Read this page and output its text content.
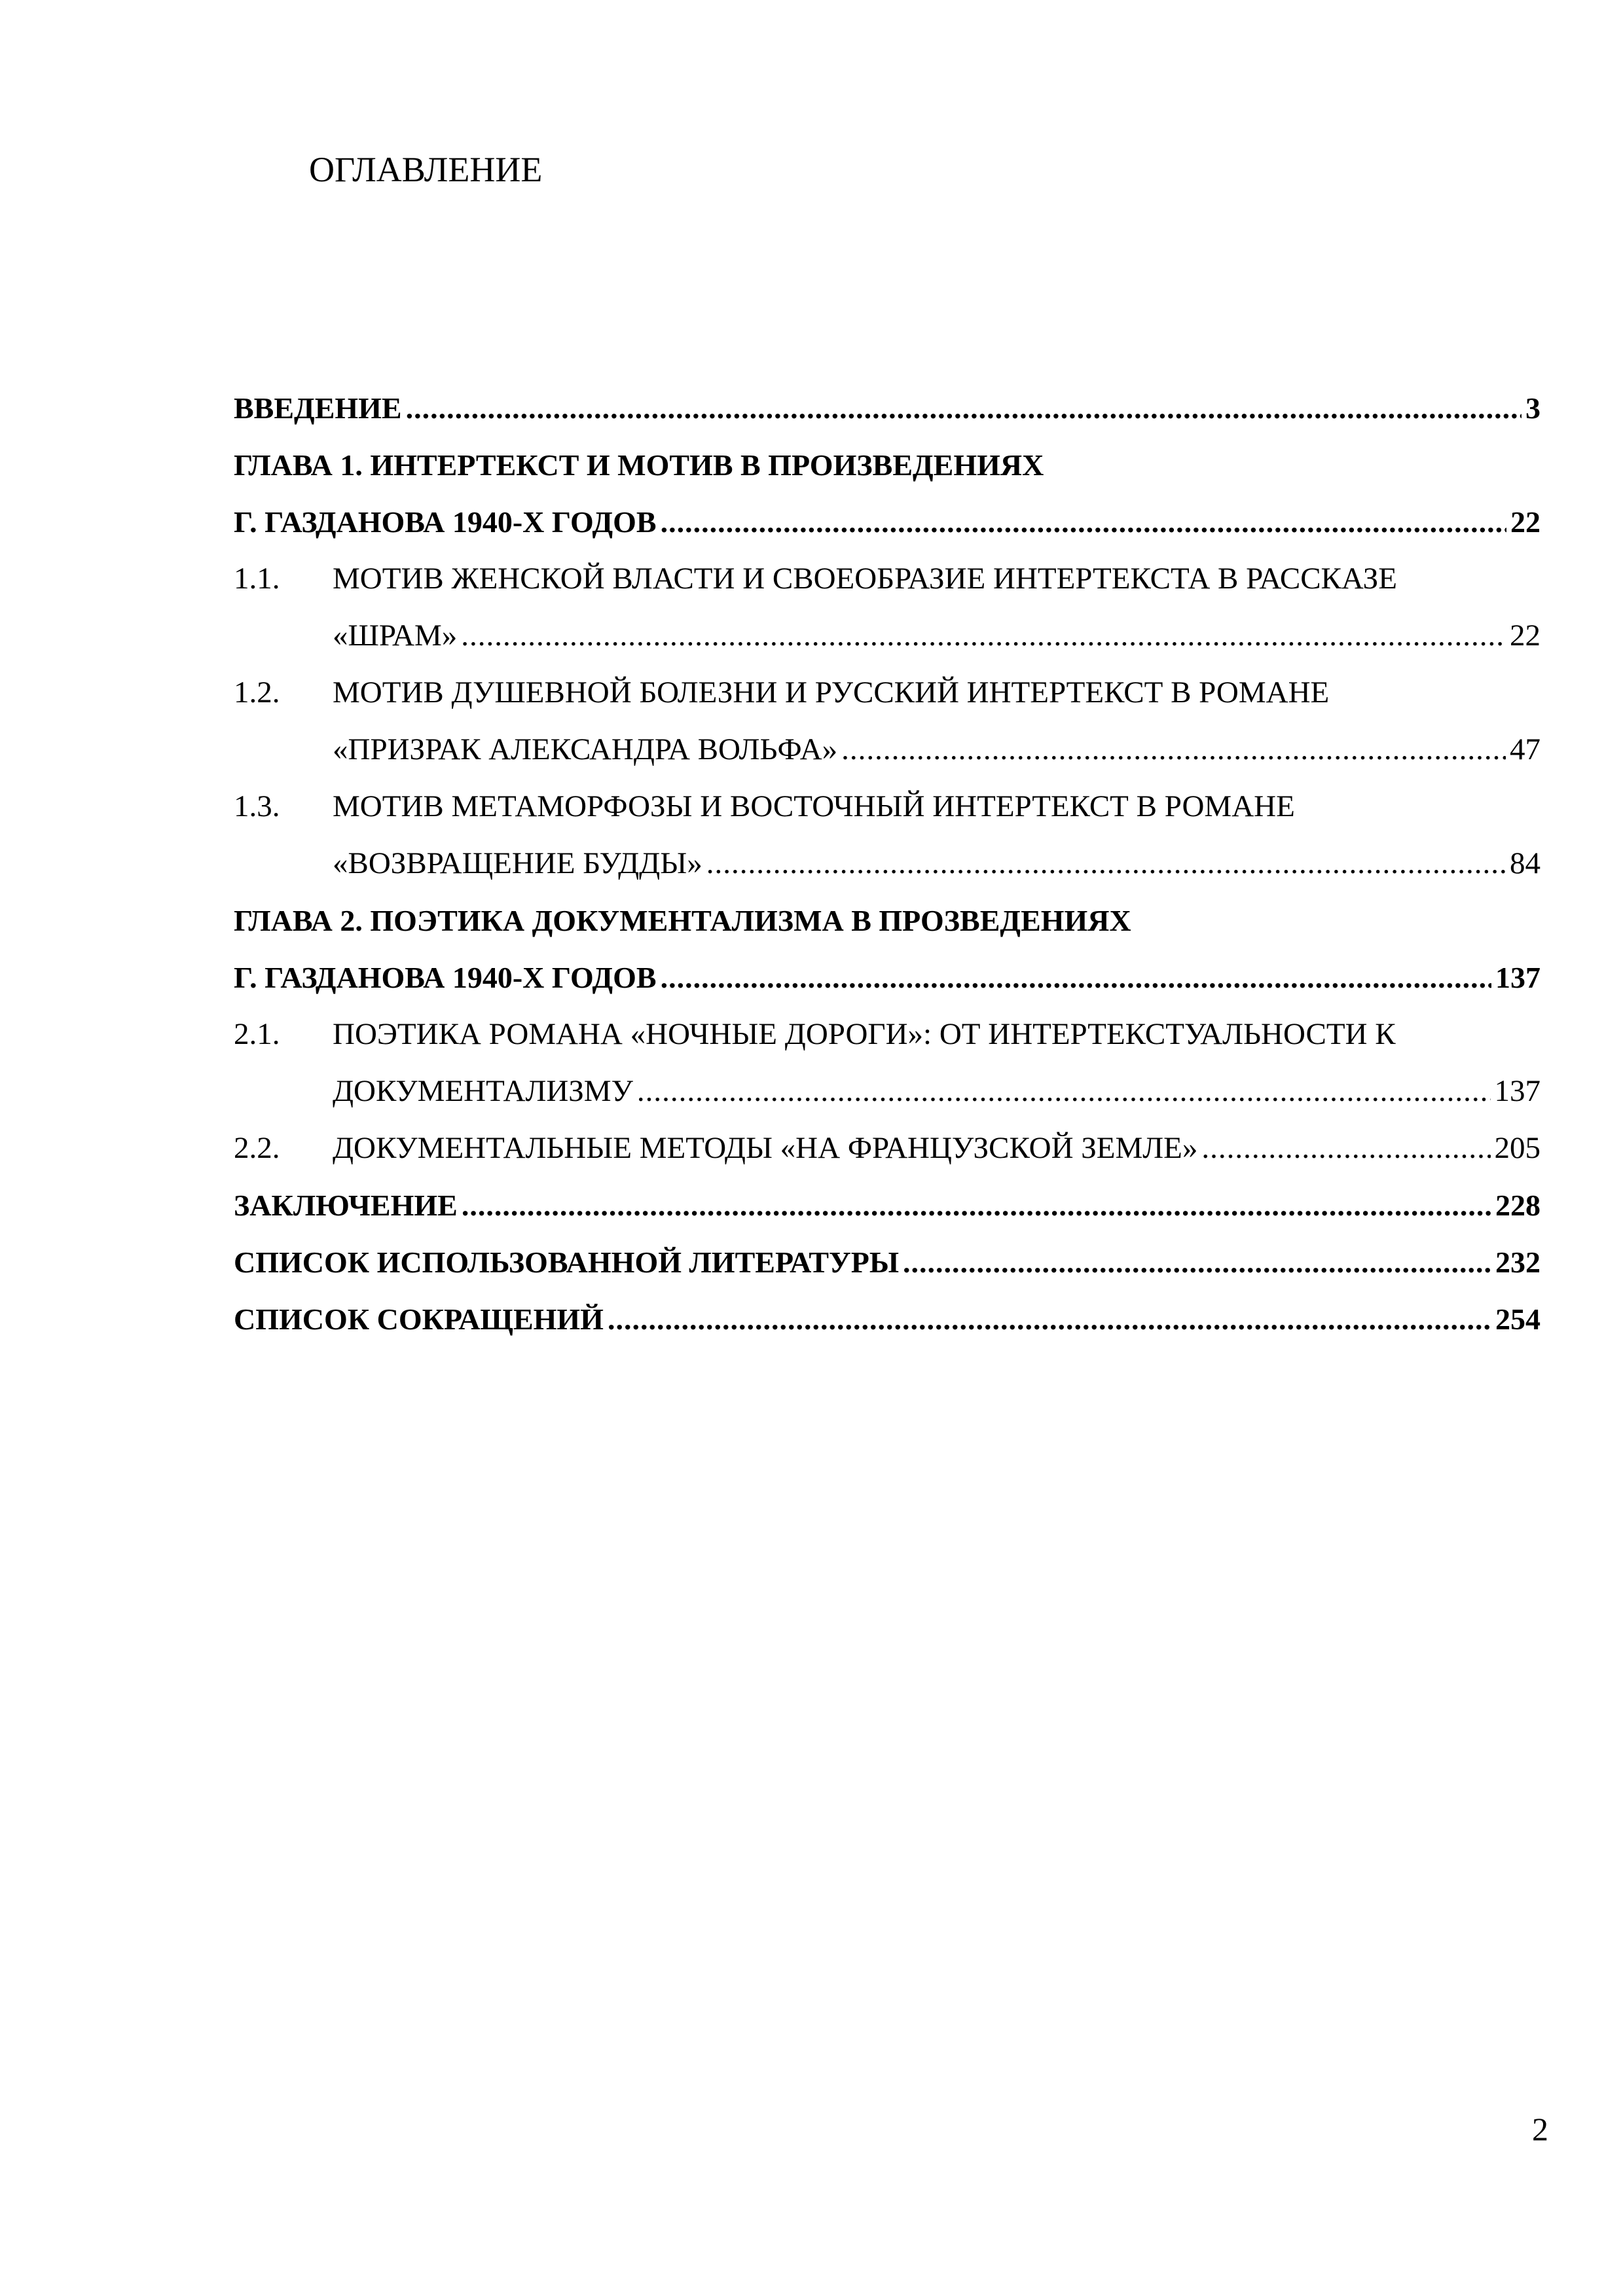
ОГЛАВЛЕНИЕ
ВВЕДЕНИЕ .....	3
ГЛАВА 1. ИНТЕРТЕКСТ И МОТИВ В ПРОИЗВЕДЕНИЯХ
Г. ГАЗДАНОВА 1940-Х ГОДОВ .....	22
1.1.	МОТИВ ЖЕНСКОЙ ВЛАСТИ И СВОЕОБРАЗИЕ ИНТЕРТЕКСТА В РАССКАЗЕ
«ШРАМ» .....	22
1.2.	МОТИВ ДУШЕВНОЙ БОЛЕЗНИ И РУССКИЙ ИНТЕРТЕКСТ В РОМАНЕ
«ПРИЗРАК АЛЕКСАНДРА ВОЛЬФА» .....	47
1.3.	МОТИВ МЕТАМОРФОЗЫ И ВОСТОЧНЫЙ ИНТЕРТЕКСТ В РОМАНЕ
«ВОЗВРАЩЕНИЕ БУДДЫ» .....	84
ГЛАВА 2. ПОЭТИКА ДОКУМЕНТАЛИЗМА В ПРОЗВЕДЕНИЯХ
Г. ГАЗДАНОВА 1940-Х ГОДОВ .....	137
2.1.	ПОЭТИКА РОМАНА «НОЧНЫЕ ДОРОГИ»: ОТ ИНТЕРТЕКСТУАЛЬНОСТИ К
ДОКУМЕНТАЛИЗМУ .....	137
2.2.	ДОКУМЕНТАЛЬНЫЕ МЕТОДЫ «НА ФРАНЦУЗСКОЙ ЗЕМЛЕ» .....	205
ЗАКЛЮЧЕНИЕ .....	228
СПИСОК ИСПОЛЬЗОВАННОЙ ЛИТЕРАТУРЫ .....	232
СПИСОК СОКРАЩЕНИЙ .....	254
2
